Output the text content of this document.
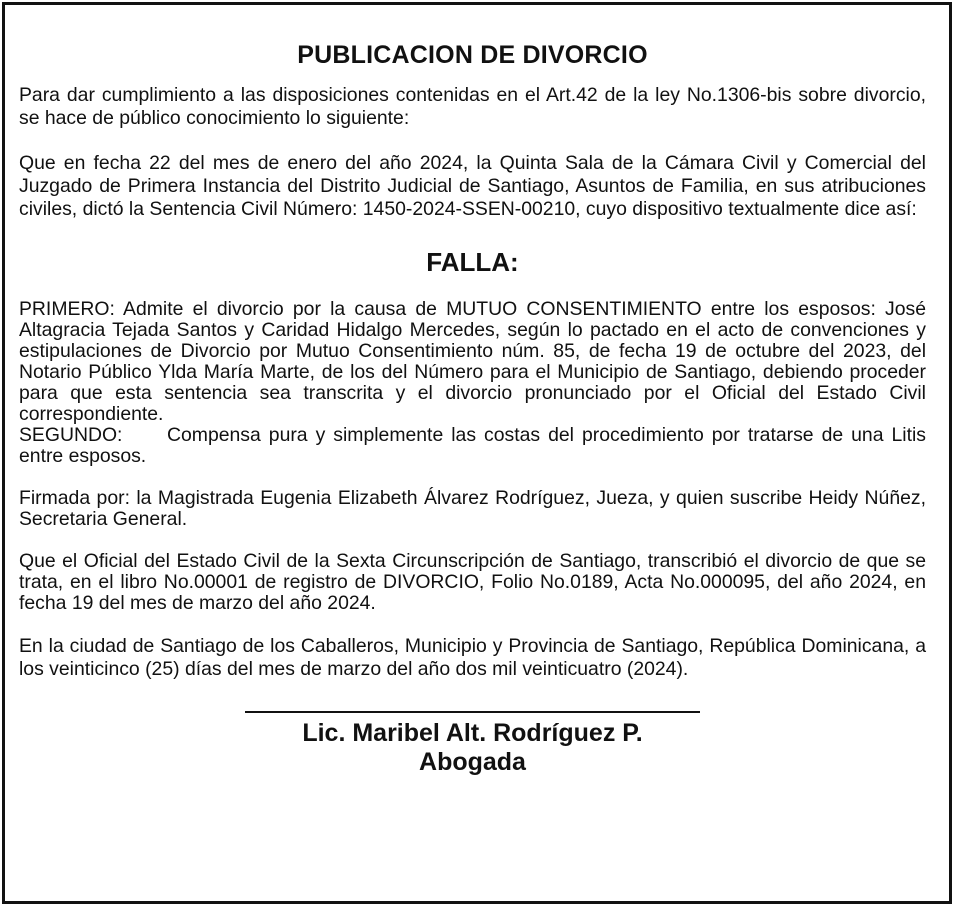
PUBLICACION DE DIVORCIO

Para dar cumplimiento a las disposiciones contenidas en el Art.42 de la ley No.1306-bis sobre divorcio, se hace de público conocimiento lo siguiente:

Que en fecha 22 del mes de enero del año 2024, la Quinta Sala de la Cámara Civil y Comercial del Juzgado de Primera Instancia del Distrito Judicial de Santiago, Asuntos de Familia, en sus atribuciones civiles, dictó la Sentencia Civil Número: 1450-2024-SSEN-00210, cuyo dispositivo textualmente dice así:

FALLA:

PRIMERO: Admite el divorcio por la causa de MUTUO CONSENTIMIENTO entre los esposos: José Altagracia Tejada Santos y Caridad Hidalgo Mercedes, según lo pactado en el acto de convenciones y estipulaciones de Divorcio por Mutuo Consentimiento núm. 85, de fecha 19 de octubre del 2023, del Notario Público Ylda María Marte, de los del Número para el Municipio de Santiago, debiendo proceder para que esta sentencia sea transcrita y el divorcio pronunciado por el Oficial del Estado Civil correspondiente.

SEGUNDO: Compensa pura y simplemente las costas del procedimiento por tratarse de una Litis entre esposos.

Firmada por: la Magistrada Eugenia Elizabeth Álvarez Rodríguez, Jueza, y quien suscribe Heidy Núñez, Secretaria General.

Que el Oficial del Estado Civil de la Sexta Circunscripción de Santiago, transcribió el divorcio de que se trata, en el libro No.00001 de registro de DIVORCIO, Folio No.0189, Acta No.000095, del año 2024, en fecha 19 del mes de marzo del año 2024.

En la ciudad de Santiago de los Caballeros, Municipio y Provincia de Santiago, República Dominicana, a los veinticinco (25) días del mes de marzo del año dos mil veinticuatro (2024).

Lic. Maribel Alt. Rodríguez P.
Abogada
